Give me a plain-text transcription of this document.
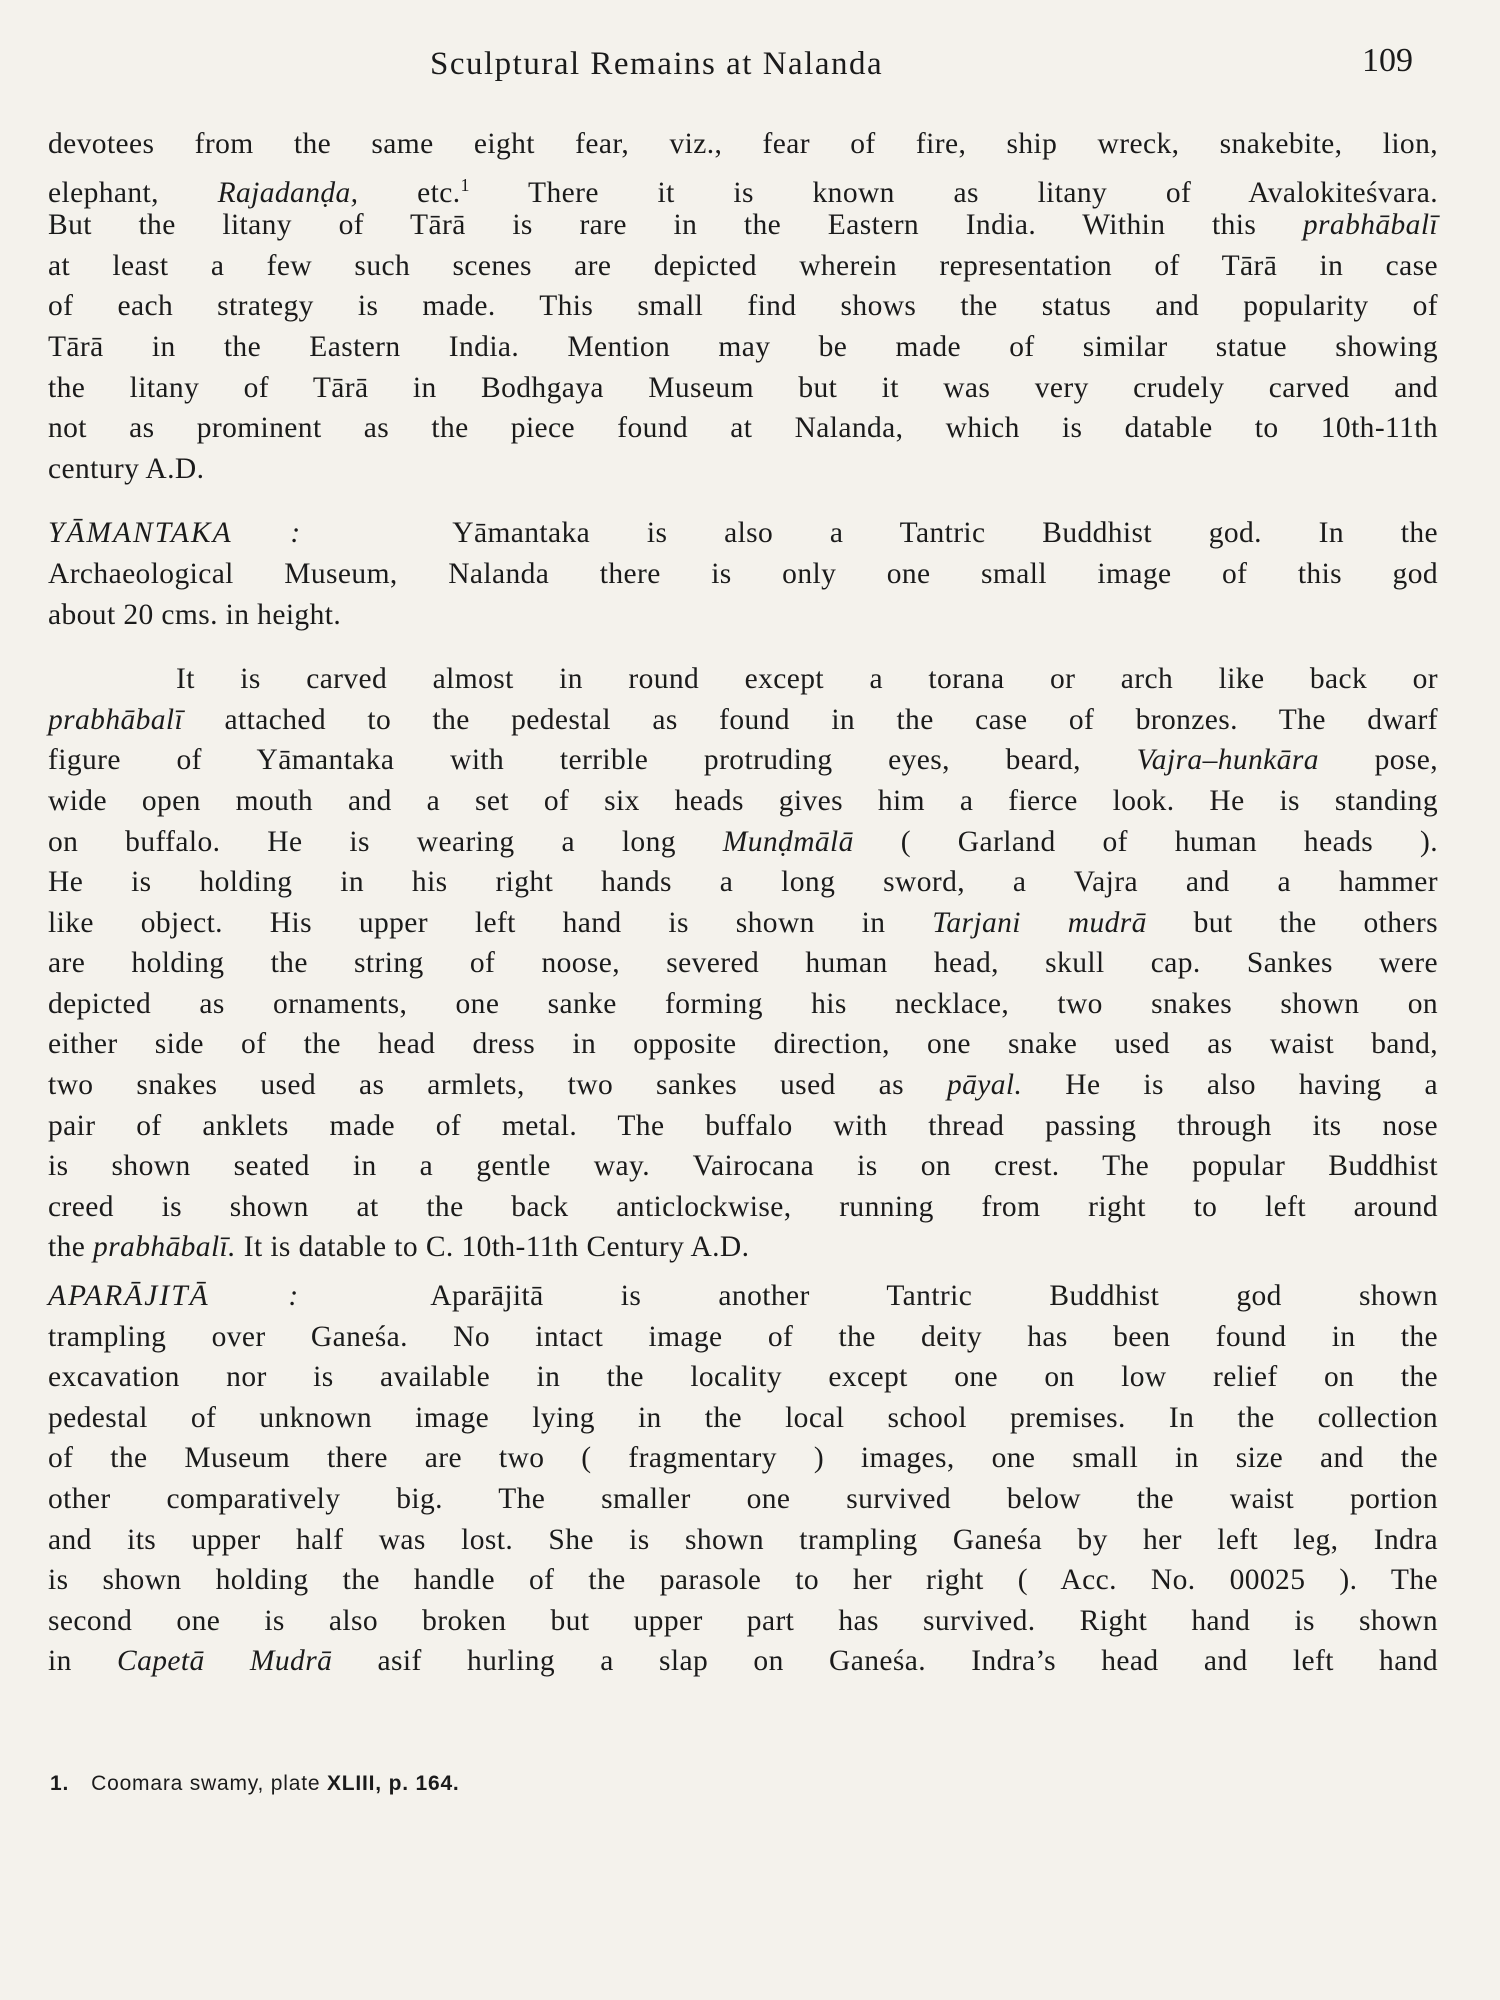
Sculptural Remains at Nalanda	109
devotees from the same eight fear, viz., fear of fire, ship wreck, snakebite, lion,
elephant, Rajadanḍa, etc.$^1$ There it is known as litany of Avalokiteśvara.
But the litany of Tārā is rare in the Eastern India. Within this prabhābalī
at least a few such scenes are depicted wherein representation of Tārā in case
of each strategy is made. This small find shows the status and popularity of
Tārā in the Eastern India. Mention may be made of similar statue showing
the litany of Tārā in Bodhgaya Museum but it was very crudely carved and
not as prominent as the piece found at Nalanda, which is datable to 10th-11th
century A.D.
YĀMANTAKA :	Yāmantaka is also a Tantric Buddhist god. In the
Archaeological Museum, Nalanda there is only one small image of this god
about 20 cms. in height.
It is carved almost in round except a torana or arch like back or
prabhābalī attached to the pedestal as found in the case of bronzes. The dwarf
figure of Yāmantaka with terrible protruding eyes, beard, Vajra–hunkāra pose,
wide open mouth and a set of six heads gives him a fierce look. He is standing
on buffalo. He is wearing a long Munḍmālā ( Garland of human heads ).
He is holding in his right hands a long sword, a Vajra and a hammer
like object. His upper left hand is shown in Tarjani mudrā but the others
are holding the string of noose, severed human head, skull cap. Sankes were
depicted as ornaments, one sanke forming his necklace, two snakes shown on
either side of the head dress in opposite direction, one snake used as waist band,
two snakes used as armlets, two sankes used as pāyal. He is also having a
pair of anklets made of metal. The buffalo with thread passing through its nose
is shown seated in a gentle way. Vairocana is on crest. The popular Buddhist
creed is shown at the back anticlockwise, running from right to left around
the prabhābalī. It is datable to C. 10th-11th Century A.D.
APARĀJITĀ :	Aparājitā is another Tantric Buddhist god shown
trampling over Ganeśa. No intact image of the deity has been found in the
excavation nor is available in the locality except one on low relief on the
pedestal of unknown image lying in the local school premises. In the collection
of the Museum there are two ( fragmentary ) images, one small in size and the
other comparatively big. The smaller one survived below the waist portion
and its upper half was lost. She is shown trampling Ganeśa by her left leg, Indra
is shown holding the handle of the parasole to her right ( Acc. No. 00025 ). The
second one is also broken but upper part has survived. Right hand is shown
in Capetā Mudrā asif hurling a slap on Ganeśa. Indra’s head and left hand
1. Coomara swamy, plate XLIII, p. 164.
